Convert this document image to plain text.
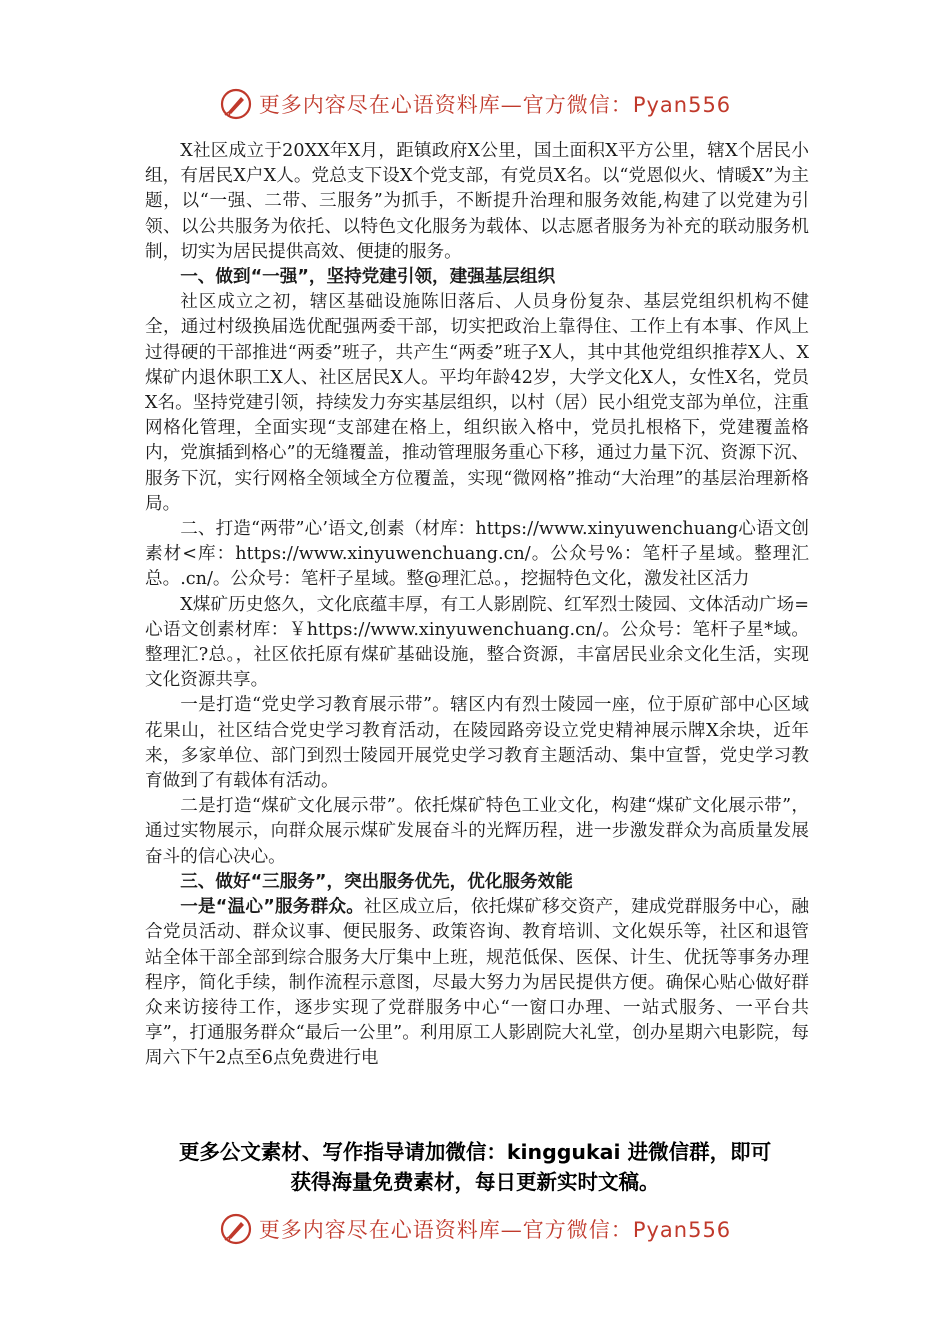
更多内容尽在心语资料库—官方微信：Pyan556

X社区成立于20XX年X月，距镇政府X公里，国土面积X平方公里，辖X个居民小组，有居民X户X人。党总支下设X个党支部，有党员X名。以“党恩似火、情暖X”为主题，以“一强、二带、三服务”为抓手，不断提升治理和服务效能,构建了以党建为引领、以公共服务为依托、以特色文化服务为载体、以志愿者服务为补充的联动服务机制，切实为居民提供高效、便捷的服务。

一、做到“一强”，坚持党建引领，建强基层组织

社区成立之初，辖区基础设施陈旧落后、人员身份复杂、基层党组织机构不健全，通过村级换届选优配强两委干部，切实把政治上靠得住、工作上有本事、作风上过得硬的干部推进“两委”班子，共产生“两委”班子X人，其中其他党组织推荐X人、X煤矿内退休职工X人、社区居民X人。平均年龄42岁，大学文化X人，女性X名，党员X名。坚持党建引领，持续发力夯实基层组织，以村（居）民小组党支部为单位，注重网格化管理，全面实现“支部建在格上，组织嵌入格中，党员扎根格下，党建覆盖格内，党旗插到格心”的无缝覆盖，推动管理服务重心下移，通过力量下沉、资源下沉、服务下沉，实行网格全领域全方位覆盖，实现“微网格”推动“大治理”的基层治理新格局。

二、打造“两带”心’语文,创素（材库：https://www.xinyuwenchuang心语文创素材<库：https://www.xinyuwenchuang.cn/。公众号%：笔杆子星域。整理汇总。.cn/。公众号：笔杆子星域。整@理汇总。，挖掘特色文化，激发社区活力

X煤矿历史悠久，文化底蕴丰厚，有工人影剧院、红军烈士陵园、文体活动广场=心语文创素材库：￥https://www.xinyuwenchuang.cn/。公众号：笔杆子星*域。整理汇?总。，社区依托原有煤矿基础设施，整合资源，丰富居民业余文化生活，实现文化资源共享。

一是打造“党史学习教育展示带”。辖区内有烈士陵园一座，位于原矿部中心区域花果山，社区结合党史学习教育活动，在陵园路旁设立党史精神展示牌X余块，近年来，多家单位、部门到烈士陵园开展党史学习教育主题活动、集中宣誓，党史学习教育做到了有载体有活动。

二是打造“煤矿文化展示带”。依托煤矿特色工业文化，构建“煤矿文化展示带”，通过实物展示，向群众展示煤矿发展奋斗的光辉历程，进一步激发群众为高质量发展奋斗的信心决心。

三、做好“三服务”，突出服务优先，优化服务效能

一是“温心”服务群众。社区成立后，依托煤矿移交资产，建成党群服务中心，融合党员活动、群众议事、便民服务、政策咨询、教育培训、文化娱乐等，社区和退管站全体干部全部到综合服务大厅集中上班，规范低保、医保、计生、优抚等事务办理程序，简化手续，制作流程示意图，尽最大努力为居民提供方便。确保心贴心做好群众来访接待工作，逐步实现了党群服务中心“一窗口办理、一站式服务、一平台共享”，打通服务群众“最后一公里”。利用原工人影剧院大礼堂，创办星期六电影院，每周六下午2点至6点免费进行电

更多公文素材、写作指导请加微信：kinggukai 进微信群，即可
获得海量免费素材，每日更新实时文稿。
更多内容尽在心语资料库—官方微信：Pyan556
